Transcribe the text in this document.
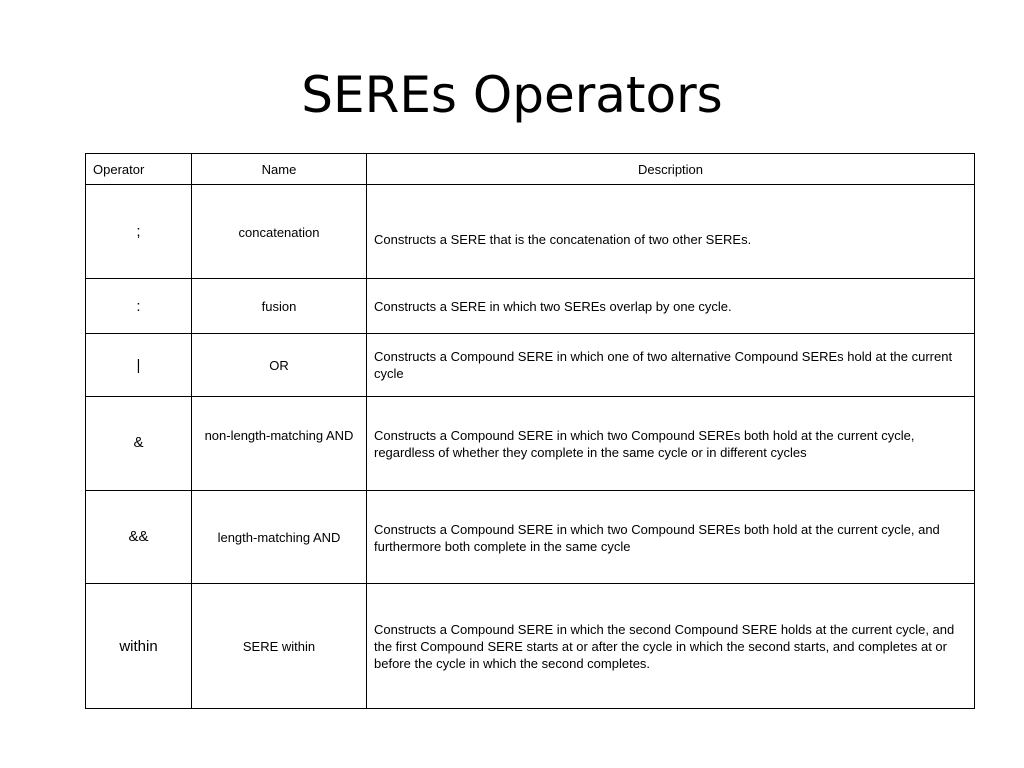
SEREs Operators
Operator	Name	Description
;	concatenation	Constructs a SERE that is the concatenation of two other SEREs.
:	fusion	Constructs a SERE in which two SEREs overlap by one cycle.
|	OR	Constructs a Compound SERE in which one of two alternative Compound SEREs hold at the current cycle
&	non-length-matching AND	Constructs a Compound SERE in which two Compound SEREs both hold at the current cycle, regardless of whether they complete in the same cycle or in different cycles
&&	length-matching AND	Constructs a Compound SERE in which two Compound SEREs both hold at the current cycle, and furthermore both complete in the same cycle
within	SERE within	Constructs a Compound SERE in which the second Compound SERE holds at the current cycle, and the first Compound SERE starts at or after the cycle in which the second starts, and completes at or before the cycle in which the second completes.
